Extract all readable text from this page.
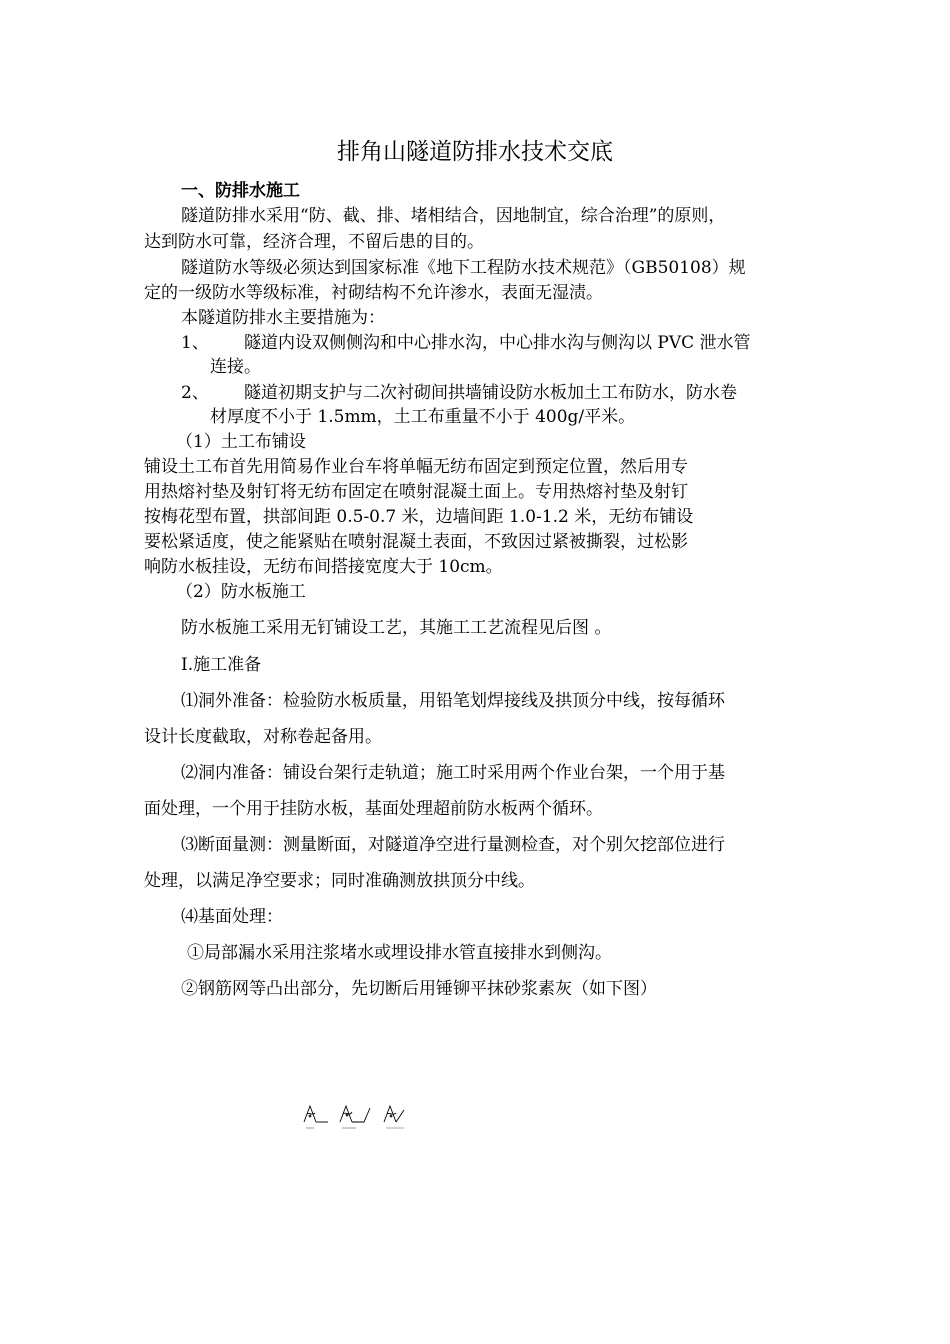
排角山隧道防排水技术交底
一、防排水施工
隧道防排水采用“防、截、排、堵相结合，因地制宜，综合治理”的原则，
达到防水可靠，经济合理，不留后患的目的。
隧道防水等级必须达到国家标准《地下工程防水技术规范》（GB50108）规
定的一级防水等级标准，衬砌结构不允许渗水，表面无湿渍。
本隧道防排水主要措施为：
1、 隧道内设双侧侧沟和中心排水沟，中心排水沟与侧沟以 PVC 泄水管
连接。
2、 隧道初期支护与二次衬砌间拱墙铺设防水板加土工布防水，防水卷
材厚度不小于 1.5mm，土工布重量不小于 400g/平米。
（1）土工布铺设
铺设土工布首先用简易作业台车将单幅无纺布固定到预定位置，然后用专
用热熔衬垫及射钉将无纺布固定在喷射混凝土面上。专用热熔衬垫及射钉
按梅花型布置，拱部间距 0.5-0.7 米，边墙间距 1.0-1.2 米，无纺布铺设
要松紧适度，使之能紧贴在喷射混凝土表面，不致因过紧被撕裂，过松影
响防水板挂设，无纺布间搭接宽度大于 10cm。
（2）防水板施工
防水板施工采用无钉铺设工艺，其施工工艺流程见后图 。
Ⅰ.施工准备
⑴洞外准备：检验防水板质量，用铅笔划焊接线及拱顶分中线，按每循环
设计长度截取，对称卷起备用。
⑵洞内准备：铺设台架行走轨道；施工时采用两个作业台架，一个用于基
面处理，一个用于挂防水板，基面处理超前防水板两个循环。
⑶断面量测：测量断面，对隧道净空进行量测检查，对个别欠挖部位进行
处理，以满足净空要求；同时准确测放拱顶分中线。
⑷基面处理：
①局部漏水采用注浆堵水或埋设排水管直接排水到侧沟。
②钢筋网等凸出部分，先切断后用锤铆平抹砂浆素灰（如下图）
